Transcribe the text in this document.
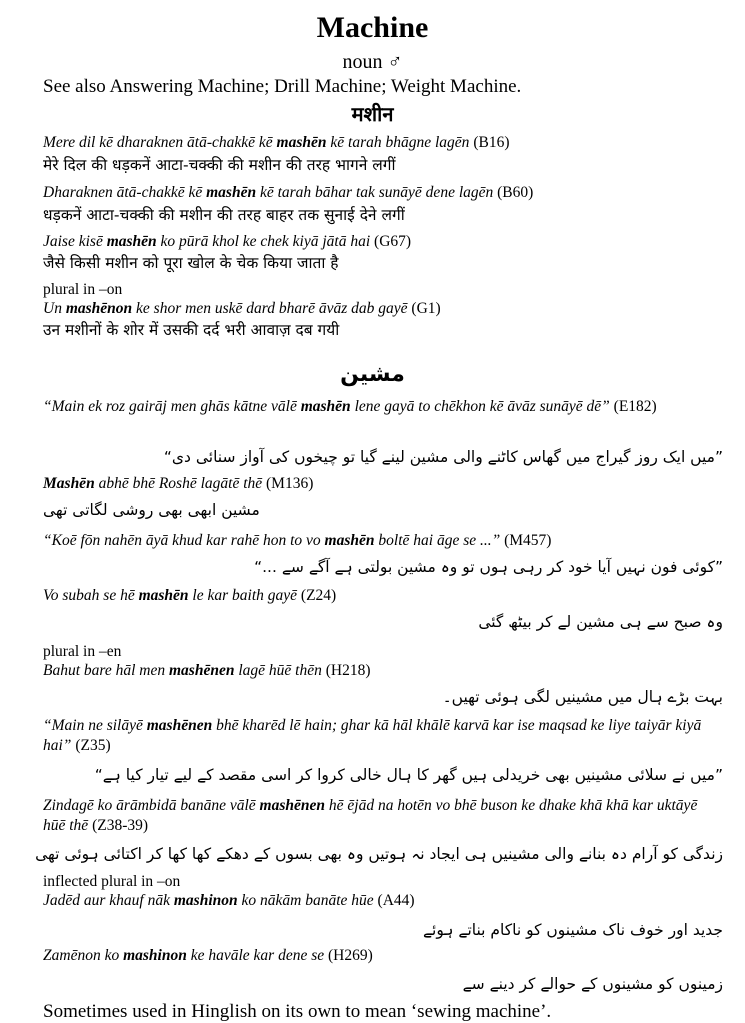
Machine
noun ♂
See also Answering Machine; Drill Machine; Weight Machine.
मशीन
Mere dil kē dharaknen ātā-chakkē kē mashēn kē tarah bhāgne lagēn (B16)
मेरे दिल की धड़कनें आटा-चक्की की मशीन की तरह भागने लगीं
Dharaknen ātā-chakkē kē mashēn kē tarah bāhar tak sunāyē dene lagēn (B60)
धड़कनें आटा-चक्की की मशीन की तरह बाहर तक सुनाई देने लगीं
Jaise kisē mashēn ko pūrā khol ke chek kiyā jātā hai (G67)
जैसे किसी मशीन को पूरा खोल के चेक किया जाता है
plural in –on
Un mashēnon ke shor men uskē dard bharē āvāz dab gayē (G1)
उन मशीनों के शोर में उसकी दर्द भरी आवाज़ दब गयी
مشین
“Main ek roz gairāj men ghās kātne vālē mashēn lene gayā to chēkhon kē āvāz sunāyē dē” (E182)
”میں ایک روز گیراج میں گھاس کاٹنے والی مشین لینے گیا تو چیخوں کی آواز سنائی دی“
Mashēn abhē bhē Roshē lagātē thē (M136)
مشین ابھی بھی روشی لگاتی تھی
“Koē fōn nahēn āyā khud kar rahē hon to vo mashēn boltē hai āge se ...” (M457)
”کوئی فون نہیں آیا خود کر رہی ہوں تو وہ مشین بولتی ہے آگے سے ...“
Vo subah se hē mashēn le kar baith gayē (Z24)
وہ صبح سے ہی مشین لے کر بیٹھ گئی
plural in –en
Bahut bare hāl men mashēnen lagē hūē thēn (H218)
بہت بڑے ہال میں مشینیں لگی ہوئی تھیں۔
“Main ne silāyē mashēnen bhē kharēd lē hain; ghar kā hāl khālē karvā kar ise maqsad ke liye taiyār kiyā hai” (Z35)
”میں نے سلائی مشینیں بھی خریدلی ہیں گھر کا ہال خالی کروا کر اسی مقصد کے لیے تیار کیا ہے“
Zindagē ko ārāmbidā banāne vālē mashēnen hē ējād na hotēn vo bhē buson ke dhake khā khā kar uktāyē hūē thē (Z38-39)
زندگی کو آرام دہ بنانے والی مشینیں ہی ایجاد نہ ہوتیں وہ بھی بسوں کے دھکے کھا کھا کر اکتائی ہوئی تھی
inflected plural in –on
Jadēd aur khauf nāk mashinon ko nākām banāte hūe (A44)
جدید اور خوف ناک مشینوں کو ناکام بناتے ہوئے
Zamēnon ko mashinon ke havāle kar dene se (H269)
زمینوں کو مشینوں کے حوالے کر دینے سے
Sometimes used in Hinglish on its own to mean ‘sewing machine’.
